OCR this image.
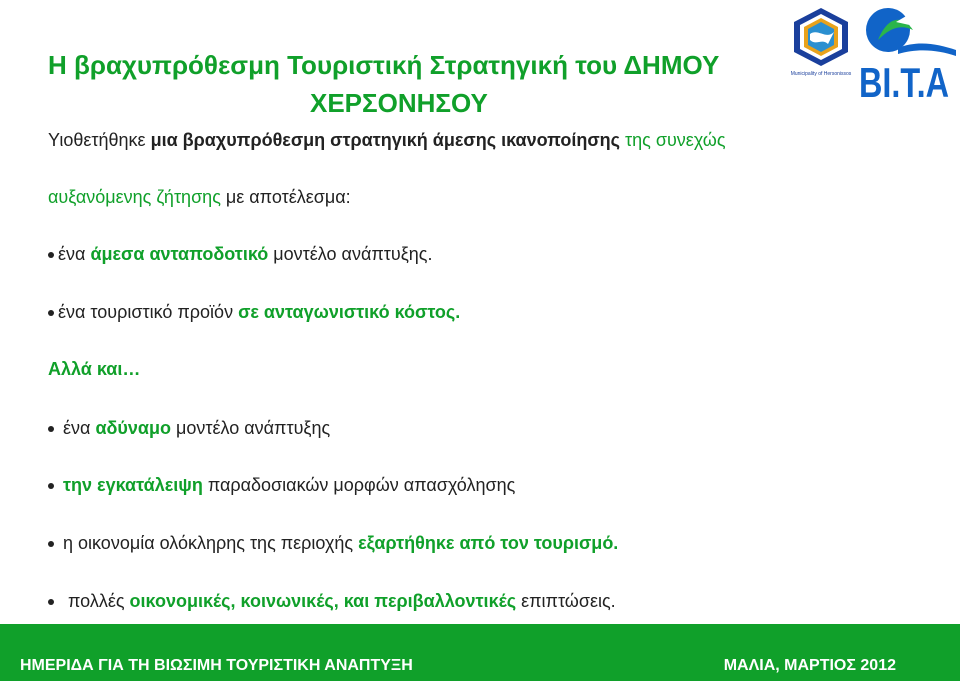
Municipality of Hersonissos BI.T.A
Η βραχυπρόθεσμη Τουριστική Στρατηγική του ΔΗΜΟΥ
ΧΕΡΣΟΝΗΣΟΥ
Υιοθετήθηκε μια βραχυπρόθεσμη στρατηγική άμεσης ικανοποίησης της συνεχώς
αυξανόμενης ζήτησης με αποτέλεσμα:
ένα άμεσα ανταποδοτικό μοντέλο ανάπτυξης.
ένα τουριστικό προϊόν σε ανταγωνιστικό κόστος.
Αλλά και…
ένα αδύναμο μοντέλο ανάπτυξης
την εγκατάλειψη παραδοσιακών μορφών απασχόλησης
η οικονομία ολόκληρης της περιοχής εξαρτήθηκε από τον τουρισμό.
πολλές οικονομικές, κοινωνικές, και περιβαλλοντικές επιπτώσεις.
ΗΜΕΡΙΔΑ ΓΙΑ ΤΗ ΒΙΩΣΙΜΗ ΤΟΥΡΙΣΤΙΚΗ ΑΝΑΠΤΥΞΗ	ΜΑΛΙΑ, ΜΑΡΤΙΟΣ 2012
